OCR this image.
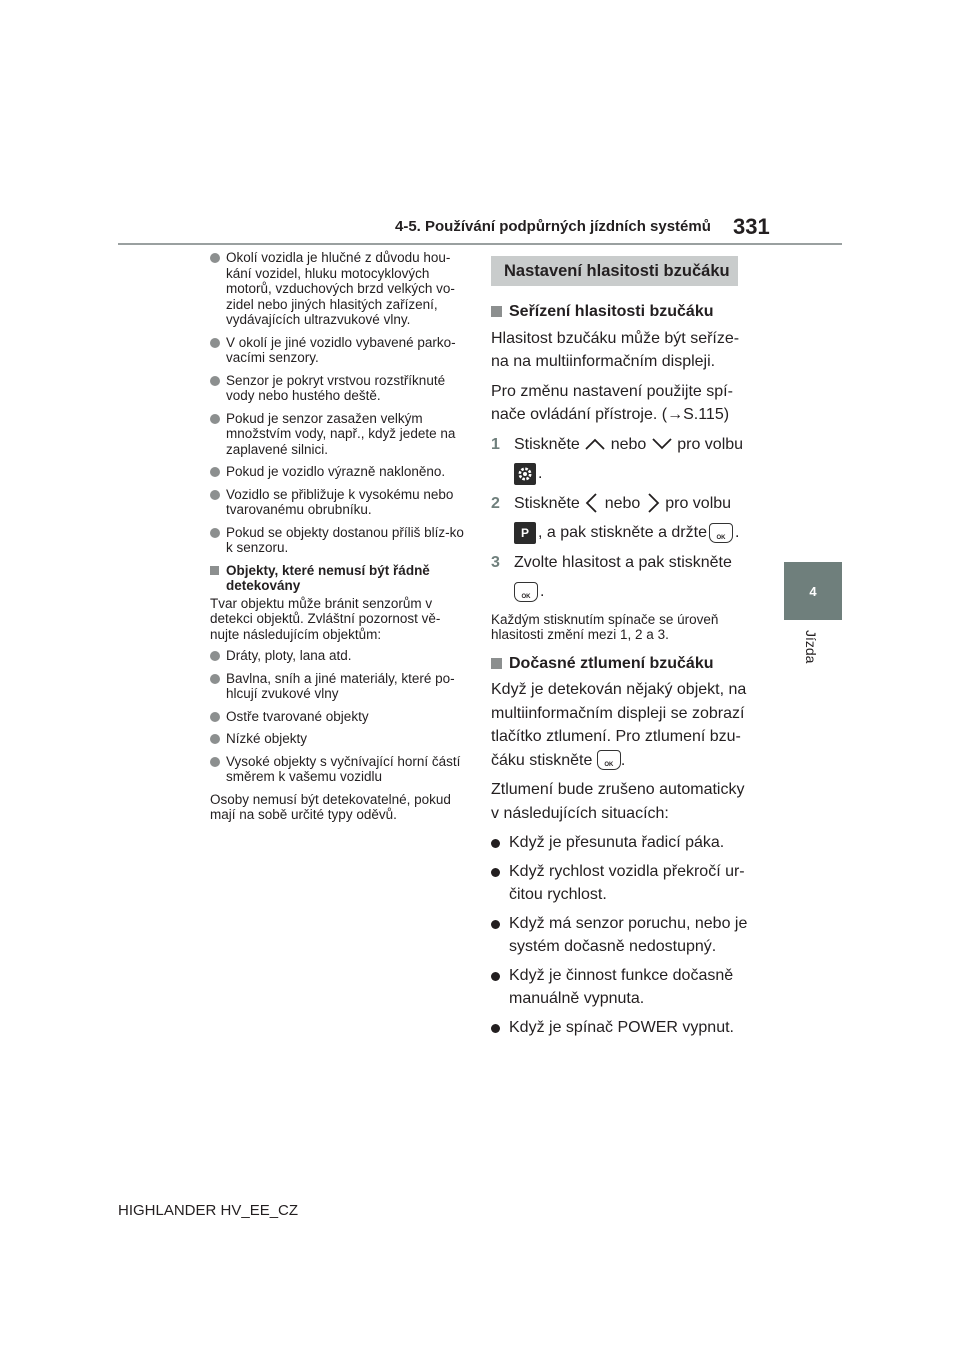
4-5. Používání podpůrných jízdních systémů 331
4
Jízda
Okolí vozidla je hlučné z důvodu hou-kání vozidel, hluku motocyklových motorů, vzduchových brzd velkých vo-zidel nebo jiných hlasitých zařízení, vydávajících ultrazvukové vlny.
V okolí je jiné vozidlo vybavené parko-vacími senzory.
Senzor je pokryt vrstvou rozstříknuté vody nebo hustého deště.
Pokud je senzor zasažen velkým množstvím vody, např., když jedete na zaplavené silnici.
Pokud je vozidlo výrazně nakloněno.
Vozidlo se přibližuje k vysokému nebo tvarovanému obrubníku.
Pokud se objekty dostanou příliš blíz-ko k senzoru.
Objekty, které nemusí být řádně detekovány
Tvar objektu může bránit senzorům v detekci objektů. Zvláštní pozornost vě-nujte následujícím objektům:
Dráty, ploty, lana atd.
Bavlna, sníh a jiné materiály, které po-hlcují zvukové vlny
Ostře tvarované objekty
Nízké objekty
Vysoké objekty s vyčnívající horní částí směrem k vašemu vozidlu
Osoby nemusí být detekovatelné, pokud mají na sobě určité typy oděvů.
Nastavení hlasitosti bzučáku
Seřízení hlasitosti bzučáku
Hlasitost bzučáku může být seříze-na na multiinformačním displeji.
Pro změnu nastavení použijte spí-nače ovládání přístroje. (→S.115)
1 Stiskněte nebo pro volbu
.
2 Stiskněte nebo pro volbu
P , a pak stiskněte a držte	OK .
3 Zvolte hlasitost a pak stiskněte
OK .
Každým stisknutím spínače se úroveň hlasitosti změní mezi 1, 2 a 3.
Dočasné ztlumení bzučáku
Když je detekován nějaký objekt, na multiinformačním displeji se zobrazí tlačítko ztlumení. Pro ztlumení bzu-čáku stiskněte	OK .
Ztlumení bude zrušeno automaticky v následujících situacích:
Když je přesunuta řadicí páka.
Když rychlost vozidla překročí ur-čitou rychlost.
Když má senzor poruchu, nebo je systém dočasně nedostupný.
Když je činnost funkce dočasně manuálně vypnuta.
Když je spínač POWER vypnut.
HIGHLANDER HV_EE_CZ
